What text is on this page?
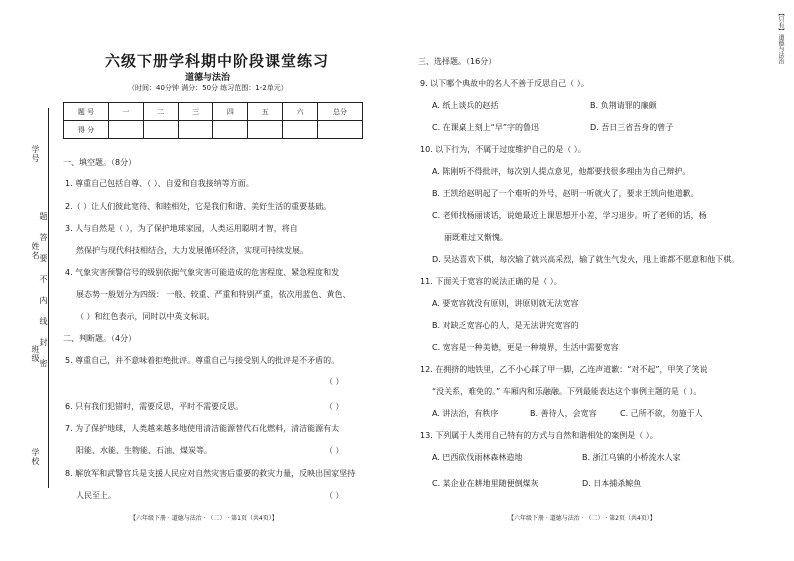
学号
姓名
班级
学校
题
答
要
不
内
线
封
密
六级下册学科期中阶段课堂练习
道德与法治
（时间：40分钟 满分：50分 练习范围：1-2单元）
题 号	一	二	三	四	五	六	总分
得 分							
一、填空题。（8分）
1. 尊重自己包括自尊、（ ）、自爱和自我接纳等方面。
2.（ ）让人们彼此宽待、和睦相处，它是我们和谐、美好生活的重要基础。
3. 人与自然是（ ），为了保护地球家园，人类运用聪明才智，将自
然保护与现代科技相结合，大力发展循环经济，实现可持续发展。
4. 气象灾害预警信号的级别依据气象灾害可能造成的危害程度、紧急程度和发
展态势一般划分为四级： 一般、较重、严重和特别严重，依次用蓝色、黄色、
（ ）和红色表示，同时以中英文标识。
二、判断题。（4分）
5. 尊重自己，并不意味着拒绝批评。尊重自己与接受别人的批评是不矛盾的。
（ ）
6. 只有我们犯错时，需要反思，平时不需要反思。	（ ）
7. 为了保护地球，人类越来越多地使用清洁能源替代石化燃料，清洁能源有太
阳能、水能、生物能、石油、煤炭等。	（ ）
8. 解放军和武警官兵是支援人民应对自然灾害后重要的救灾力量，反映出国家坚持
人民至上。	（ ）
【六年级下册 · 道德与法治 · （二） · 第1页（共4页）】
三、选择题。（16分）
9. 以下哪个典故中的名人不善于反思自己（ ）。
A. 纸上谈兵的赵括	B. 负荆请罪的廉颇
C. 在课桌上刻上“早”字的鲁迅	D. 吾日三省吾身的曾子
10. 以下行为，不属于过度维护自己的是（ ）。
A. 陈刚听不得批评，每次别人提点意见，他都要找很多理由为自己辩护。
B. 王凯给赵明起了一个难听的外号，赵明一听就火了，要求王凯向他道歉。
C. 老师找杨丽谈话，说她最近上课思想开小差，学习退步。听了老师的话，杨
丽既难过又惭愧。
D. 吴达喜欢下棋，每次输了就兴高采烈，输了就生气发火，甩上谁都不愿意和他下棋。
11. 下面关于宽容的说法正确的是（ ）。
A. 要宽容就没有原则，讲原则就无法宽容
B. 对缺乏宽容心的人，是无法讲究宽容的
C. 宽容是一种美德，更是一种境界，生活中需要宽容
12. 在拥挤的地铁里，乙不小心踩了甲一脚，乙连声道歉：“对不起”，甲笑了笑说
“没关系，难免的。” 车厢内和乐融融。下列最能表达这个事例主题的是（ ）。
A. 讲法治，有秩序	B. 善待人，会宽容	C. 己所不欲，勿施于人
13. 下列属于人类用自己特有的方式与自然和谐相处的案例是（ ）。
A. 巴西砍伐雨林森林造地	B. 浙江乌镇的小桥流水人家
C. 某企业在耕地里随便倒煤灰	D. 日本捕杀鲸鱼
【六年级下册 · 道德与法治 · （二） · 第2页（共4页）】
【只有】道德与法治
